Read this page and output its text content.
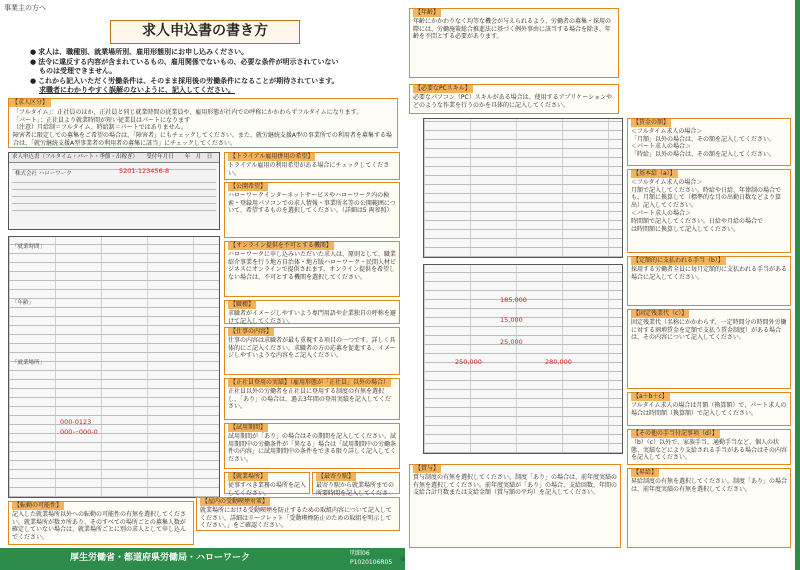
事業主の方へ
求人申込書の書き方
● 求人は、職種別、就業場所別、雇用形態別にお申し込みください。
● 法令に違反する内容が含まれているもの、雇用関係でないもの、必要な条件が明示されていない
ものは受理できません。
● これから記入いただく労働条件は、そのまま採用後の労働条件になることが期待されています。
求職者にわかりやすく誤解のないように、記入してください。
【求人区分】
「フルタイム」：正社員のほか、正社員と同じ就業時間の従業員や、雇用形態が社内での呼称にかかわらずフルタイムになります。
「パート」：正社員より就業時間が短い従業員はパートになります
（注意）月給制＝フルタイム、時給制＝パートではありません。
障害者に限定しての募集をご希望の場合は、「障害者」にもチェックしてください。また、就労継続支援A型の事業所での利用者を募集する場合は、「就労継続支援A型事業者の利用者の募集に該当」にチェックしてください。
求人申込書（フルタイム・パート・季節・出稼ぎ）　　受付年月日　　年　月　日
株式会社 ハローワーク	5201-123456-8
「就業時間」
「年齢」
「就業場所」
000-0123
000ー000-0
【トライアル雇用併用の希望】
トライアル雇用の利用希望がある場合にチェックしてください。
【公開希望】
ハローワークインターネットサービスやハローワーク内の検索・登録用パソコンでの求人情報・事業所名等の公開範囲について、希望するものを選択してください。（詳細は5 両参照）
【オンライン提供を不可とする機関】
ハローワークに申し込みいただいた求人は、原則として、職業紹介事業を行う地方自治体・地方版ハローワーク・民間人材ビジネスにオンラインで提供されます。オンライン提供を希望しない場合は、不可とする機関を選択してください。
【職種】
求職者がイメージしやすいよう専門用語や企業独自の呼称を避けて記入してください。
【仕事の内容】
仕事の内容は求職者が最も重視する項目の一つです。詳しく具体的にご記入ください。求職者の方の応募を促進する、イメージしやすいような内容をご記入ください。
【正社員登用の実績】（雇用形態が「正社員」以外の場合）
正社員以外の労働者を正社員に登用する制度の有無を選択し、「あり」の場合は、過去3年間の登用実績を記入してください。
【試用期間】
試用期間が「あり」の場合はその期間を記入してください。試用期間中の労働条件が「異なる」場合は「試用期間中の労働条件の内容」に試用期間中の条件をできる限り詳しく記入してください。
【就業場所】
従事すべき業務の場所を記入してください。
【最寄り駅】
最寄り駅から就業場所までの所要時間を記入してくださ
【屋内の受動喫煙対策】
就業場所における受動喫煙を防止するための取組内容について記入してください。詳細はリーフレット「受動喫煙防止のための取組を明示してください。」をご確認ください。
【転勤の可能性】
記入した就業場所以外への転勤の可能性の有無を選択してください。就業場所が数カ所あり、そのすべての場所ごとの募集人数が確定していない場合は、就業場所ごとに別の求人として申し込んでください。
厚生労働省・都道府県労働局・ハローワーク	明細06
P1020106R05
【年齢】
年齢にかかわりなく均等な機会が与えられるよう、労働者の募集・採用の際には、労働施策総合推進法に基づく例外事由に該当する場合を除き、年齢を不問とする必要があります。
【必要なPCスキル】
必要なパソコン（PC）スキルがある場合は、使用するアプリケーションやどのような作業を行うのかを具体的に記入してください。
185,000
15,000
25,000
250,000	280,000
【賃金の額】
＜フルタイム求人の場合＞
「月額」以外の場合は、その額を記入してください。
＜パート求人の場合＞
「時給」以外の場合は、その額を記入してください。
【基本給（a）】
＜フルタイム求人の場合＞
月額で記入してください。時給や日給、年俸制の場合でも、月額に換算して（標準的な月の出勤日数などより算出）記入してください。
＜パート求人の場合＞
時間額で記入してください。日給や月給の場合で
は時間額に換算して記入してください。
【定額的に支払われる手当（b）】
採用する労働者全員に毎月定額的に支払われる手当がある場合に記入してください。
【固定残業代（c）】
固定残業代（名称にかかわらず、一定時間分の時間外労働に対する割増賃金を定額で支払う賃金制度）がある場合は、その内容について記入してください。
【a＋b＋c】
フルタイム求人の場合は月額（換算額）で、パート求人の場合は時間額（換算額）で記入してください。
【その他の手当付記事項（d）】
（b）（c）以外で、家族手当、通勤手当など、個人の状態、実績などにより支給される手当がある場合はその内容を記入してください。
【賞与】
賞与制度の有無を選択してください。制度「あり」の場合は、前年度実績の有無を選択してください。前年度実績が「あり」の場合、支給回数、年間の支給合計月数または支給金額（賞与額の平均）を記入してください。
【昇給】
昇給制度の有無を選択してください。制度「あり」の場合は、前年度実績の有無を選択してください。
②
